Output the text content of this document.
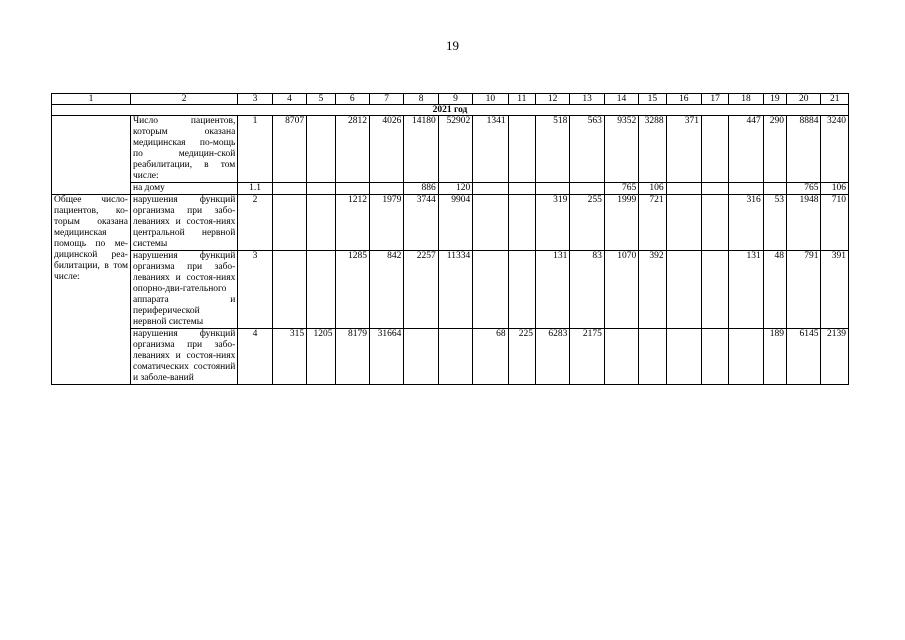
19
1	2	3	4	5	6	7	8	9	10	11	12	13	14	15	16	17	18	19	20	21
2021 год																				
	Число пациентов, которым оказана медицинская по-мощь по медицин-ской реабилитации, в том числе:	1	8707		2812	4026	14180	52902	1341		518	563	9352	3288	371		447	290	8884	3240
	на дому	1.1					886	120					765	106					765	106
Общее число-пациентов, ко-торым оказана медицинская помощь по ме-дицинской реа-билитации, в том числе:	нарушения функций организма при забо-леваниях и состоя-ниях центральной нервной системы	2			1212	1979	3744	9904			319	255	1999	721			316	53	1948	710
	нарушения функций организма при забо-леваниях и состоя-ниях опорно-дви-гательного аппарата и периферической нервной системы	3			1285	842	2257	11334			131	83	1070	392			131	48	791	391
	нарушения функций организма при забо-леваниях и состоя-ниях соматических состояний и заболе-ваний	4	315	1205	8179	31664			68	225	6283	2175						189	6145	2139
